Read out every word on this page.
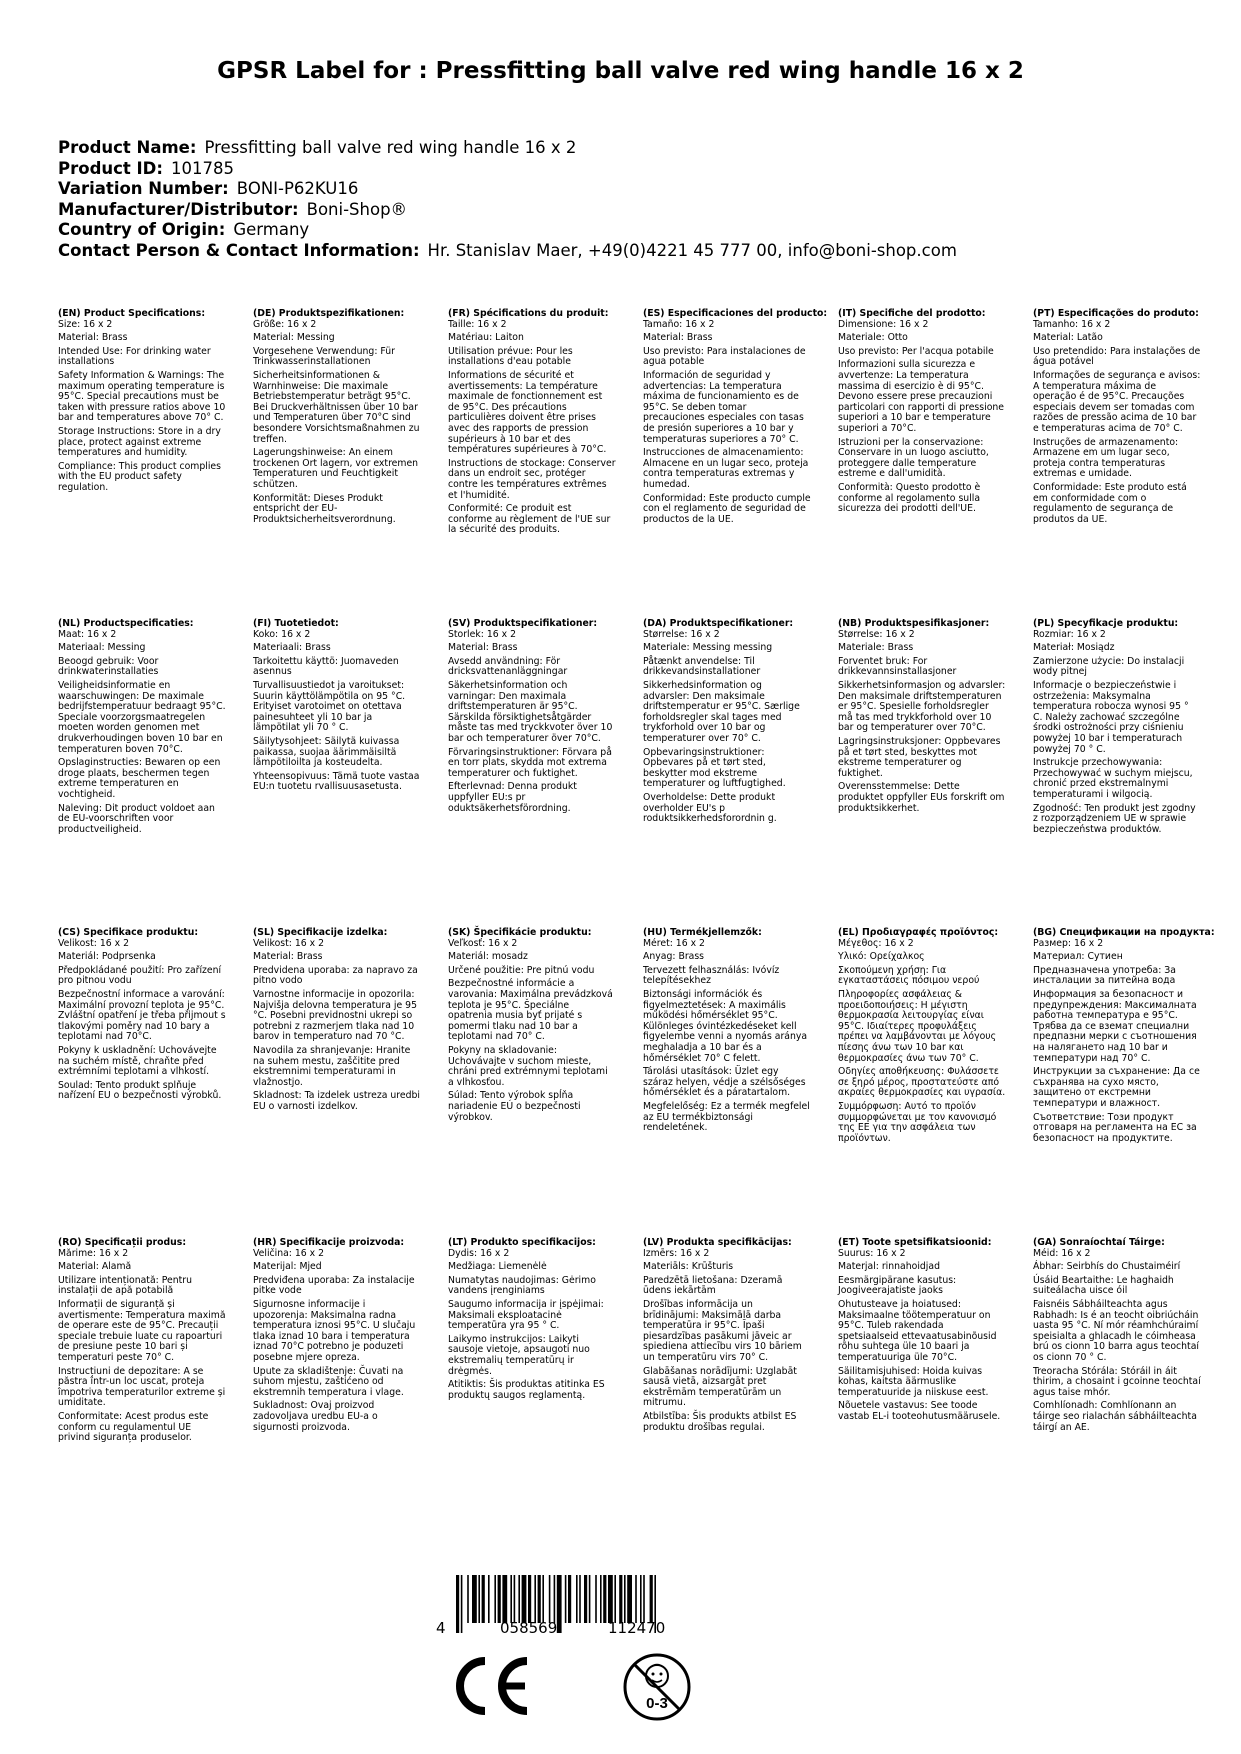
GPSR Label for : Pressfitting ball valve red wing handle 16 x 2
Product Name: Pressfitting ball valve red wing handle 16 x 2
Product ID: 101785
Variation Number: BONI-P62KU16
Manufacturer/Distributor: Boni-Shop®
Country of Origin: Germany
Contact Person & Contact Information: Hr. Stanislav Maer, +49(0)4221 45 777 00, info@boni-shop.com
(EN) Product Specifications:

Size: 16 x 2

Material: Brass

Intended Use: For drinking water installations

Safety Information & Warnings: The maximum operating temperature is 95°C. Special precautions must be taken with pressure ratios above 10 bar and temperatures above 70° C.

Storage Instructions: Store in a dry place, protect against extreme temperatures and humidity.

Compliance: This product complies with the EU product safety regulation.

(DE) Produktspezifikationen:

Größe: 16 x 2

Material: Messing

Vorgesehene Verwendung: Für Trinkwasserinstallationen

Sicherheitsinformationen & Warnhinweise: Die maximale Betriebstemperatur beträgt 95°C. Bei Druckverhältnissen über 10 bar und Temperaturen über 70°C sind besondere Vorsichtsmaßnahmen zu treffen.

Lagerungshinweise: An einem trockenen Ort lagern, vor extremen Temperaturen und Feuchtigkeit schützen.

Konformität: Dieses Produkt entspricht der EU-Produktsicherheitsverordnung.

(FR) Spécifications du produit:

Taille: 16 x 2

Matériau: Laiton

Utilisation prévue: Pour les installations d'eau potable

Informations de sécurité et avertissements: La température maximale de fonctionnement est de 95°C. Des précautions particulières doivent être prises avec des rapports de pression supérieurs à 10 bar et des températures supérieures à 70°C.

Instructions de stockage: Conserver dans un endroit sec, protéger contre les températures extrêmes et l'humidité.

Conformité: Ce produit est conforme au règlement de l'UE sur la sécurité des produits.

(ES) Especificaciones del producto:

Tamaño: 16 x 2

Material: Brass

Uso previsto: Para instalaciones de agua potable

Información de seguridad y advertencias: La temperatura máxima de funcionamiento es de 95°C. Se deben tomar precauciones especiales con tasas de presión superiores a 10 bar y temperaturas superiores a 70° C.

Instrucciones de almacenamiento: Almacene en un lugar seco, proteja contra temperaturas extremas y humedad.

Conformidad: Este producto cumple con el reglamento de seguridad de productos de la UE.

(IT) Specifiche del prodotto:

Dimensione: 16 x 2

Materiale: Otto

Uso previsto: Per l'acqua potabile

Informazioni sulla sicurezza e avvertenze: La temperatura massima di esercizio è di 95°C. Devono essere prese precauzioni particolari con rapporti di pressione superiori a 10 bar e temperature superiori a 70°C.

Istruzioni per la conservazione: Conservare in un luogo asciutto, proteggere dalle temperature estreme e dall'umidità.

Conformità: Questo prodotto è conforme al regolamento sulla sicurezza dei prodotti dell'UE.

(PT) Especificações do produto:

Tamanho: 16 x 2

Material: Latão

Uso pretendido: Para instalações de água potável

Informações de segurança e avisos: A temperatura máxima de operação é de 95°C. Precauções especiais devem ser tomadas com razões de pressão acima de 10 bar e temperaturas acima de 70° C.

Instruções de armazenamento: Armazene em um lugar seco, proteja contra temperaturas extremas e umidade.

Conformidade: Este produto está em conformidade com o regulamento de segurança de produtos da UE.

(NL) Productspecificaties:

Maat: 16 x 2

Materiaal: Messing

Beoogd gebruik: Voor drinkwaterinstallaties

Veiligheidsinformatie en waarschuwingen: De maximale bedrijfstemperatuur bedraagt 95°C. Speciale voorzorgsmaatregelen moeten worden genomen met drukverhoudingen boven 10 bar en temperaturen boven 70°C.

Opslaginstructies: Bewaren op een droge plaats, beschermen tegen extreme temperaturen en vochtigheid.

Naleving: Dit product voldoet aan de EU-voorschriften voor productveiligheid.

(FI) Tuotetiedot:

Koko: 16 x 2

Materiaali: Brass

Tarkoitettu käyttö: Juomaveden asennus

Turvallisuustiedot ja varoitukset: Suurin käyttölämpötila on 95 °C. Erityiset varotoimet on otettava painesuhteet yli 10 bar ja lämpötilat yli 70 ° C.

Säilytysohjeet: Säilytä kuivassa paikassa, suojaa äärimmäisiltä lämpötiloilta ja kosteudelta.

Yhteensopivuus: Tämä tuote vastaa EU:n tuotetu rvallisuusasetusta.

(SV) Produktspecifikationer:

Storlek: 16 x 2

Material: Brass

Avsedd användning: För dricksvattenanläggningar

Säkerhetsinformation och varningar: Den maximala driftstemperaturen är 95°C. Särskilda försiktighetsåtgärder måste tas med tryckkvoter över 10 bar och temperaturer över 70°C.

Förvaringsinstruktioner: Förvara på en torr plats, skydda mot extrema temperaturer och fuktighet.

Efterlevnad: Denna produkt uppfyller EU:s pr oduktsäkerhetsförordning.

(DA) Produktspecifikationer:

Størrelse: 16 x 2

Materiale: Messing messing

Påtænkt anvendelse: Til drikkevandsinstallationer

Sikkerhedsinformation og advarsler: Den maksimale driftstemperatur er 95°C. Særlige forholdsregler skal tages med trykforhold over 10 bar og temperaturer over 70° C.

Opbevaringsinstruktioner: Opbevares på et tørt sted, beskytter mod ekstreme temperaturer og luftfugtighed.

Overholdelse: Dette produkt overholder EU's p roduktsikkerhedsforordnin g.

(NB) Produktspesifikasjoner:

Størrelse: 16 x 2

Materiale: Brass

Forventet bruk: For drikkevannsinstallasjoner

Sikkerhetsinformasjon og advarsler: Den maksimale driftstemperaturen er 95°C. Spesielle forholdsregler må tas med trykkforhold over 10 bar og temperaturer over 70°C.

Lagringsinstruksjoner: Oppbevares på et tørt sted, beskyttes mot ekstreme temperaturer og fuktighet.

Overensstemmelse: Dette produktet oppfyller EUs forskrift om produktsikkerhet.

(PL) Specyfikacje produktu:

Rozmiar: 16 x 2

Materiał: Mosiądz

Zamierzone użycie: Do instalacji wody pitnej

Informacje o bezpieczeństwie i ostrzeżenia: Maksymalna temperatura robocza wynosi 95 ° C. Należy zachować szczególne środki ostrożności przy ciśnieniu powyżej 10 bar i temperaturach powyżej 70 ° C.

Instrukcje przechowywania: Przechowywać w suchym miejscu, chronić przed ekstremalnymi temperaturami i wilgocią.

Zgodność: Ten produkt jest zgodny z rozporządzeniem UE w sprawie bezpieczeństwa produktów.

(CS) Specifikace produktu:

Velikost: 16 x 2

Materiál: Podprsenka

Předpokládané použití: Pro zařízení pro pitnou vodu

Bezpečnostní informace a varování: Maximální provozní teplota je 95°C. Zvláštní opatření je třeba přijmout s tlakovými poměry nad 10 bary a teplotami nad 70°C.

Pokyny k uskladnění: Uchovávejte na suchém místě, chraňte před extrémními teplotami a vlhkostí.

Soulad: Tento produkt splňuje nařízení EU o bezpečnosti výrobků.

(SL) Specifikacije izdelka:

Velikost: 16 x 2

Material: Brass

Predvidena uporaba: za napravo za pitno vodo

Varnostne informacije in opozorila: Najvišja delovna temperatura je 95 °C. Posebni previdnostni ukrepi so potrebni z razmerjem tlaka nad 10 barov in temperaturo nad 70 °C.

Navodila za shranjevanje: Hranite na suhem mestu, zaščitite pred ekstremnimi temperaturami in vlažnostjo.

Skladnost: Ta izdelek ustreza uredbi EU o varnosti izdelkov.

(SK) Špecifikácie produktu:

Veľkosť: 16 x 2

Materiál: mosadz

Určené použitie: Pre pitnú vodu

Bezpečnostné informácie a varovania: Maximálna prevádzková teplota je 95°C. Špeciálne opatrenia musia byť prijaté s pomermi tlaku nad 10 bar a teplotami nad 70° C.

Pokyny na skladovanie: Uchovávajte v suchom mieste, chráni pred extrémnymi teplotami a vlhkosťou.

Súlad: Tento výrobok spĺňa nariadenie EÚ o bezpečnosti výrobkov.

(HU) Termékjellemzők:

Méret: 16 x 2

Anyag: Brass

Tervezett felhasználás: Ivóvíz telepítésekhez

Biztonsági információk és figyelmeztetések: A maximális működési hőmérséklet 95°C. Különleges óvintézkedéseket kell figyelembe venni a nyomás aránya meghaladja a 10 bar és a hőmérséklet 70° C felett.

Tárolási utasítások: Üzlet egy száraz helyen, védje a szélsőséges hőmérséklet és a páratartalom.

Megfelelőség: Ez a termék megfelel az EU termékbiztonsági rendeletének.

(EL) Προδιαγραφές προϊόντος:

Μέγεθος: 16 x 2

Υλικό: Ορείχαλκος

Σκοπούμενη χρήση: Για εγκαταστάσεις πόσιμου νερού

Πληροφορίες ασφάλειας & προειδοποιήσεις: Η μέγιστη θερμοκρασία λειτουργίας είναι 95°C. Ιδιαίτερες προφυλάξεις πρέπει να λαμβάνονται με λόγους πίεσης άνω των 10 bar και θερμοκρασίες άνω των 70° C.

Οδηγίες αποθήκευσης: Φυλάσσετε σε ξηρό μέρος, προστατεύστε από ακραίες θερμοκρασίες και υγρασία.

Συμμόρφωση: Αυτό το προϊόν συμμορφώνεται με τον κανονισμό της ΕΕ για την ασφάλεια των προϊόντων.

(BG) Спецификации на продукта:

Размер: 16 x 2

Материал: Сутиен

Предназначена употреба: За инсталации за питейна вода

Информация за безопасност и предупреждения: Максималната работна температура е 95°C. Трябва да се вземат специални предпазни мерки с съотношения на налягането над 10 bar и температури над 70° C.

Инструкции за съхранение: Да се съхранява на сухо място, защитено от екстремни температури и влажност.

Съответствие: Този продукт отговаря на регламента на ЕС за безопасност на продуктите.

(RO) Specificații produs:

Mărime: 16 x 2

Material: Alamă

Utilizare intenționată: Pentru instalații de apă potabilă

Informații de siguranță și avertismente: Temperatura maximă de operare este de 95°C. Precauții speciale trebuie luate cu rapoarturi de presiune peste 10 bari și temperaturi peste 70° C.

Instrucțiuni de depozitare: A se păstra într-un loc uscat, proteja împotriva temperaturilor extreme și umiditate.

Conformitate: Acest produs este conform cu regulamentul UE privind siguranța produselor.

(HR) Specifikacije proizvoda:

Veličina: 16 x 2

Materijal: Mjed

Predviđena uporaba: Za instalacije pitke vode

Sigurnosne informacije i upozorenja: Maksimalna radna temperatura iznosi 95°C. U slučaju tlaka iznad 10 bara i temperatura iznad 70°C potrebno je poduzeti posebne mjere opreza.

Upute za skladištenje: Čuvati na suhom mjestu, zaštićeno od ekstremnih temperatura i vlage.

Sukladnost: Ovaj proizvod zadovoljava uredbu EU-a o sigurnosti proizvoda.

(LT) Produkto specifikacijos:

Dydis: 16 x 2

Medžiaga: Liemenėlė

Numatytas naudojimas: Gėrimo vandens įrenginiams

Saugumo informacija ir įspėjimai: Maksimali eksploatacinė temperatūra yra 95 ° C.

Laikymo instrukcijos: Laikyti sausoje vietoje, apsaugoti nuo ekstremalių temperatūrų ir drėgmės.

Atitiktis: Šis produktas atitinka ES produktų saugos reglamentą.

(LV) Produkta specifikācijas:

Izmērs: 16 x 2

Materiāls: Krūšturis

Paredzētā lietošana: Dzeramā ūdens iekārtām

Drošības informācija un brīdinājumi: Maksimālā darba temperatūra ir 95°C. Īpaši piesardzības pasākumi jāveic ar spiediena attiecību virs 10 bāriem un temperatūru virs 70° C.

Glabāšanas norādījumi: Uzglabāt sausā vietā, aizsargāt pret ekstrēmām temperatūrām un mitrumu.

Atbilstība: Šis produkts atbilst ES produktu drošības regulai.

(ET) Toote spetsifikatsioonid:

Suurus: 16 x 2

Materjal: rinnahoidjad

Eesmärgipärane kasutus: Joogiveerajatiste jaoks

Ohutusteave ja hoiatused: Maksimaalne töötemperatuur on 95°C. Tuleb rakendada spetsiaalseid ettevaatusabinõusid rõhu suhtega üle 10 baari ja temperatuuriga üle 70°C.

Säilitamisjuhised: Hoida kuivas kohas, kaitsta äärmuslike temperatuuride ja niiskuse eest.

Nõuetele vastavus: See toode vastab EL-i tooteohutusmäärusele.

(GA) Sonraíochtaí Táirge:

Méid: 16 x 2

Ábhar: Seirbhís do Chustaiméirí

Úsáid Beartaithe: Le haghaidh suiteálacha uisce óil

Faisnéis Sábháilteachta agus Rabhadh: Is é an teocht oibriúcháin uasta 95 °C. Ní mór réamhchúraimí speisialta a ghlacadh le cóimheasa brú os cionn 10 barra agus teochtaí os cionn 70 ° C.

Treoracha Stórála: Stóráil in áit thirim, a chosaint i gcoinne teochtaí agus taise mhór.

Comhlíonadh: Comhlíonann an táirge seo rialachán sábháilteachta táirgí an AE.

4	058569	112470
0-3
